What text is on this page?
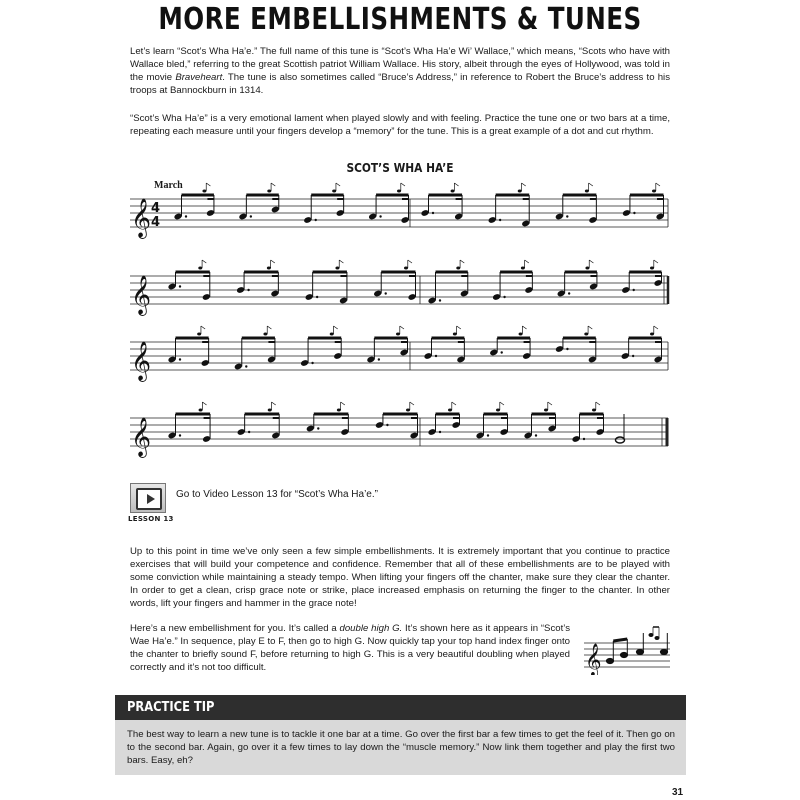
MORE EMBELLISHMENTS & TUNES

Let’s learn “Scot’s Wha Ha’e.” The full name of this tune is “Scot’s Wha Ha’e Wi’ Wallace,” which means, “Scots who have with Wallace bled,” referring to the great Scottish patriot William Wallace. His story, albeit through the eyes of Hollywood, was told in the movie Braveheart. The tune is also sometimes called “Bruce’s Address,” in reference to Robert the Bruce’s address to his troops at Bannockburn in 1314.

“Scot’s Wha Ha’e” is a very emotional lament when played slowly and with feeling. Practice the tune one or two bars at a time, repeating each measure until your fingers develop a “memory” for the tune. This is a great example of a dot and cut rhythm.

SCOT’S WHA HA’E
March
𝄞
𝄞
𝄞
𝄞
4
4
LESSON 13
Go to Video Lesson 13 for “Scot’s Wha Ha’e.”

Up to this point in time we’ve only seen a few simple embellishments. It is extremely important that you continue to practice exercises that will build your competence and confidence. Remember that all of these embellishments are to be played with some conviction while maintaining a steady tempo. When lifting your fingers off the chanter, make sure they clear the chanter. In order to get a clean, crisp grace note or strike, place increased emphasis on returning the finger to the chanter. In other words, lift your fingers and hammer in the grace note!

Here’s a new embellishment for you. It’s called a double high G. It’s shown here as it appears in “Scot’s Wae Ha’e.” In sequence, play E to F, then go to high G. Now quickly tap your top hand index finger onto the chanter to briefly sound F, before returning to high G. This is a very beautiful doubling when played correctly and it’s not too difficult.	𝄞
PRACTICE TIP

The best way to learn a new tune is to tackle it one bar at a time. Go over the first bar a few times to get the feel of it. Then go on to the second bar. Again, go over it a few times to lay down the “muscle memory.” Now link them together and play the first two bars. Easy, eh?

31
